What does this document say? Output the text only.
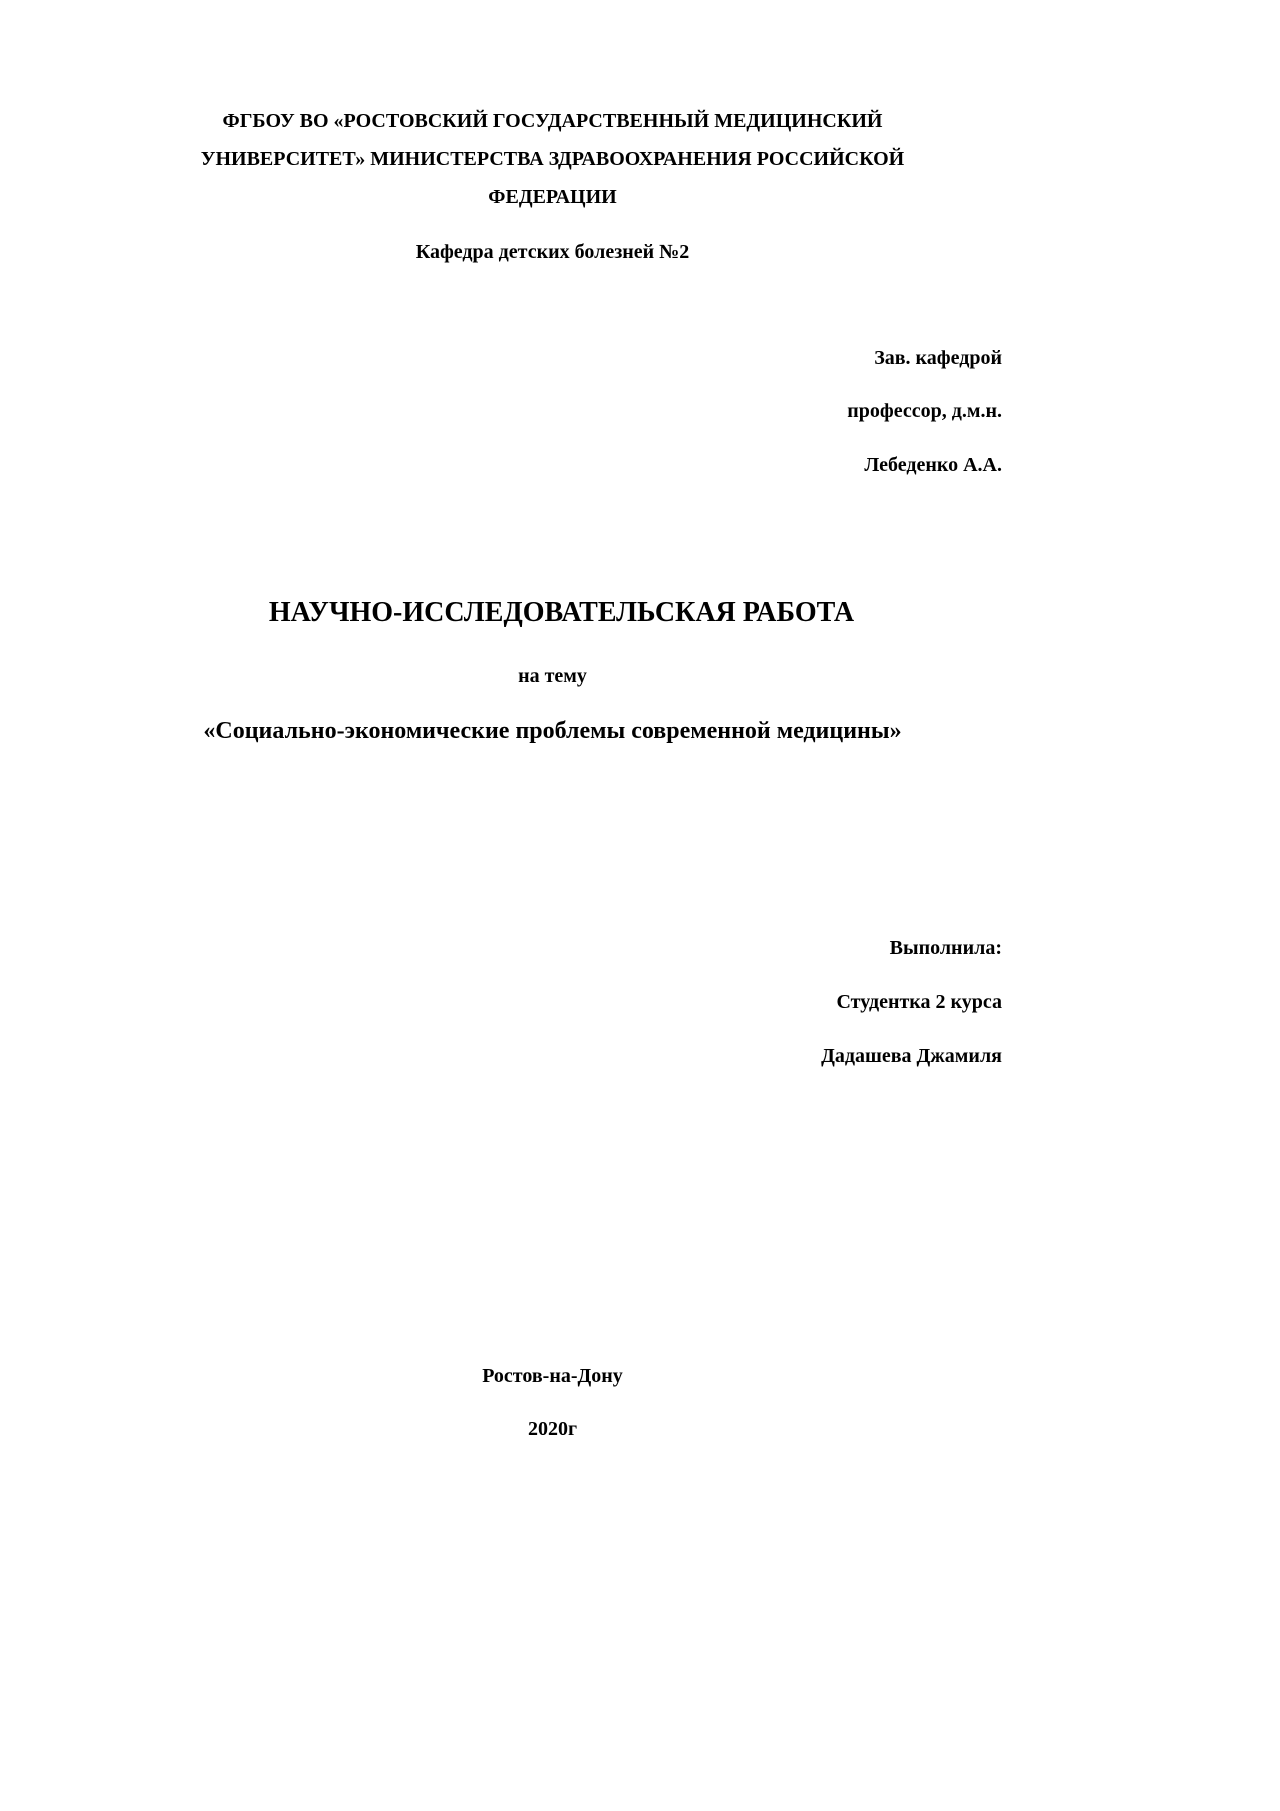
ФГБОУ ВО «РОСТОВСКИЙ ГОСУДАРСТВЕННЫЙ МЕДИЦИНСКИЙ
УНИВЕРСИТЕТ» МИНИСТЕРСТВА ЗДРАВООХРАНЕНИЯ РОССИЙСКОЙ
ФЕДЕРАЦИИ
Кафедра детских болезней №2
Зав. кафедрой
профессор, д.м.н.
Лебеденко А.А.
НАУЧНО-ИССЛЕДОВАТЕЛЬСКАЯ РАБОТА
на тему
«Социально-экономические проблемы современной медицины»
Выполнила:
Студентка 2 курса
Дадашева Джамиля
Ростов-на-Дону
2020г
